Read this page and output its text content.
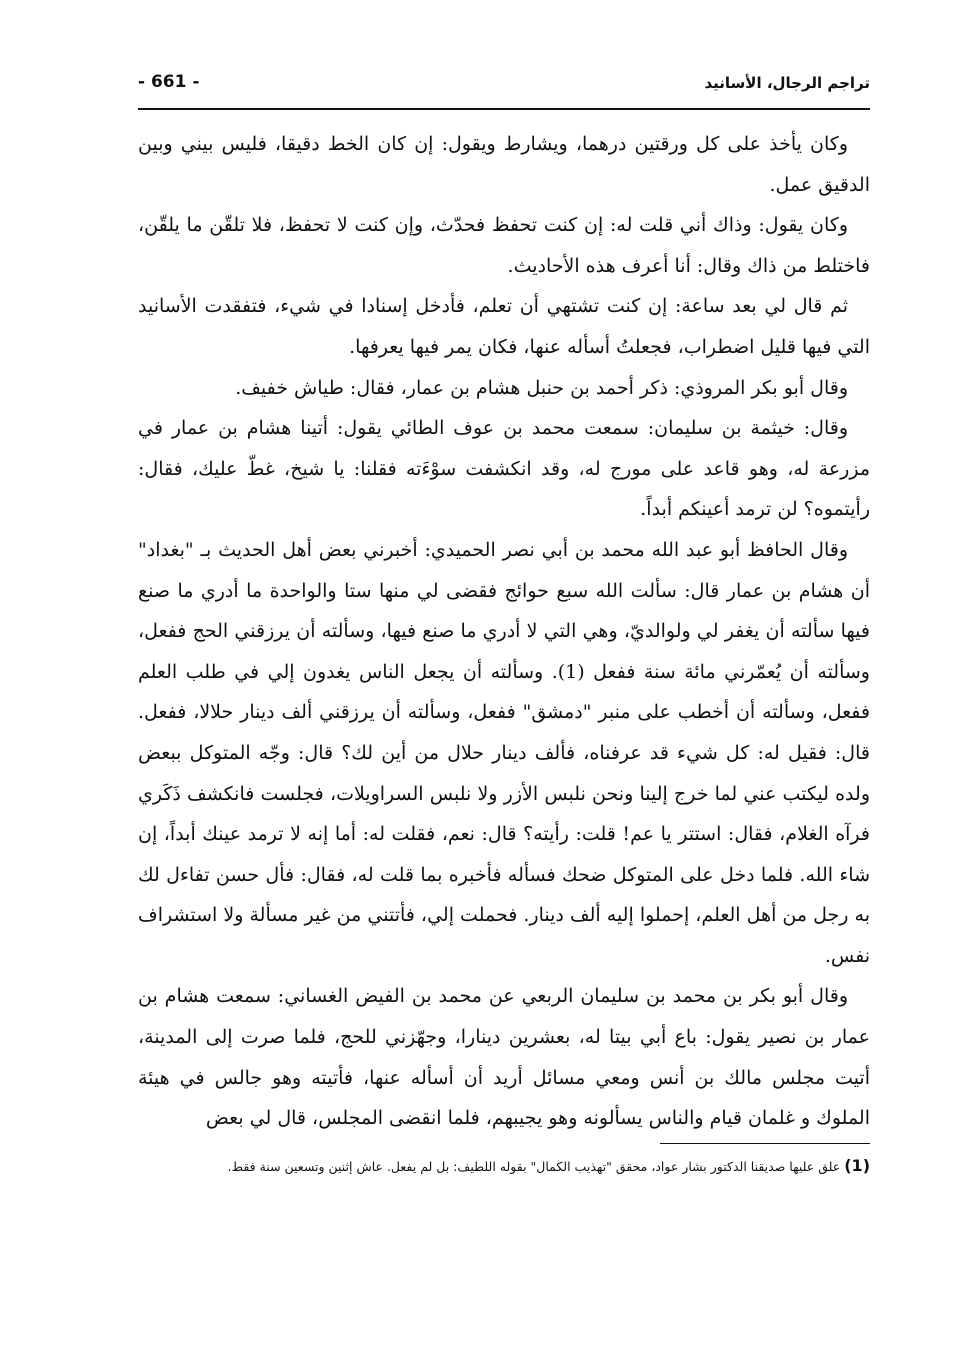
تراجم الرجال، الأسانيد
- 661 -

وكان يأخذ على كل ورقتين درهما، ويشارط ويقول: إن كان الخط دقيقا، فليس بيني وبين الدقيق عمل.

وكان يقول: وذاك أني قلت له: إن كنت تحفظ فحدّث، وإن كنت لا تحفظ، فلا تلقّن ما يلقّن، فاختلط من ذاك وقال: أنا أعرف هذه الأحاديث.

ثم قال لي بعد ساعة: إن كنت تشتهي أن تعلم، فأدخل إسنادا في شيء، فتفقدت الأسانيد التي فيها قليل اضطراب، فجعلتُ أسأله عنها، فكان يمر فيها يعرفها.

وقال أبو بكر المروذي: ذكر أحمد بن حنبل هشام بن عمار، فقال: طياش خفيف.

وقال: خيثمة بن سليمان: سمعت محمد بن عوف الطائي يقول: أتينا هشام بن عمار في مزرعة له، وهو قاعد على مورج له، وقد انكشفت سوْءَته فقلنا: يا شيخ، غطّ عليك، فقال: رأيتموه؟ لن ترمد أعينكم أبداً.

وقال الحافظ أبو عبد الله محمد بن أبي نصر الحميدي: أخبرني بعض أهل الحديث بـ "بغداد" أن هشام بن عمار قال: سألت الله سبع حوائج فقضى لي منها ستا والواحدة ما أدري ما صنع فيها سألته أن يغفر لي ولوالديّ، وهي التي لا أدري ما صنع فيها، وسألته أن يرزقني الحج ففعل، وسألته أن يُعمّرني مائة سنة ففعل (1). وسألته أن يجعل الناس يغدون إلي في طلب العلم ففعل، وسألته أن أخطب على منبر "دمشق" ففعل، وسألته أن يرزقني ألف دينار حلالا، ففعل. قال: فقيل له: كل شيء قد عرفناه، فألف دينار حلال من أين لك؟ قال: وجّه المتوكل ببعض ولده ليكتب عني لما خرج إلينا ونحن نلبس الأزر ولا نلبس السراويلات، فجلست فانكشف ذَكَري فرآه الغلام، فقال: استتر يا عم! قلت: رأيته؟ قال: نعم، فقلت له: أما إنه لا ترمد عينك أبداً، إن شاء الله. فلما دخل على المتوكل ضحك فسأله فأخبره بما قلت له، فقال: فأل حسن تفاءل لك به رجل من أهل العلم، إحملوا إليه ألف دينار. فحملت إلي، فأتتني من غير مسألة ولا استشراف نفس.

وقال أبو بكر بن محمد بن سليمان الربعي عن محمد بن الفيض الغساني: سمعت هشام بن عمار بن نصير يقول: باع أبي بيتا له، بعشرين دينارا، وجهّزني للحج، فلما صرت إلى المدينة، أتيت مجلس مالك بن أنس ومعي مسائل أريد أن أسأله عنها، فأتيته وهو جالس في هيئة الملوك و غلمان قيام والناس يسألونه وهو يجيبهم، فلما انقضى المجلس، قال لي بعض

(1) علق عليها صديقنا الدكتور بشار عواد، محقق "تهذيب الكمال" بقوله اللطيف: بل لم يفعل. عاش إثنين وتسعين سنة فقط.
